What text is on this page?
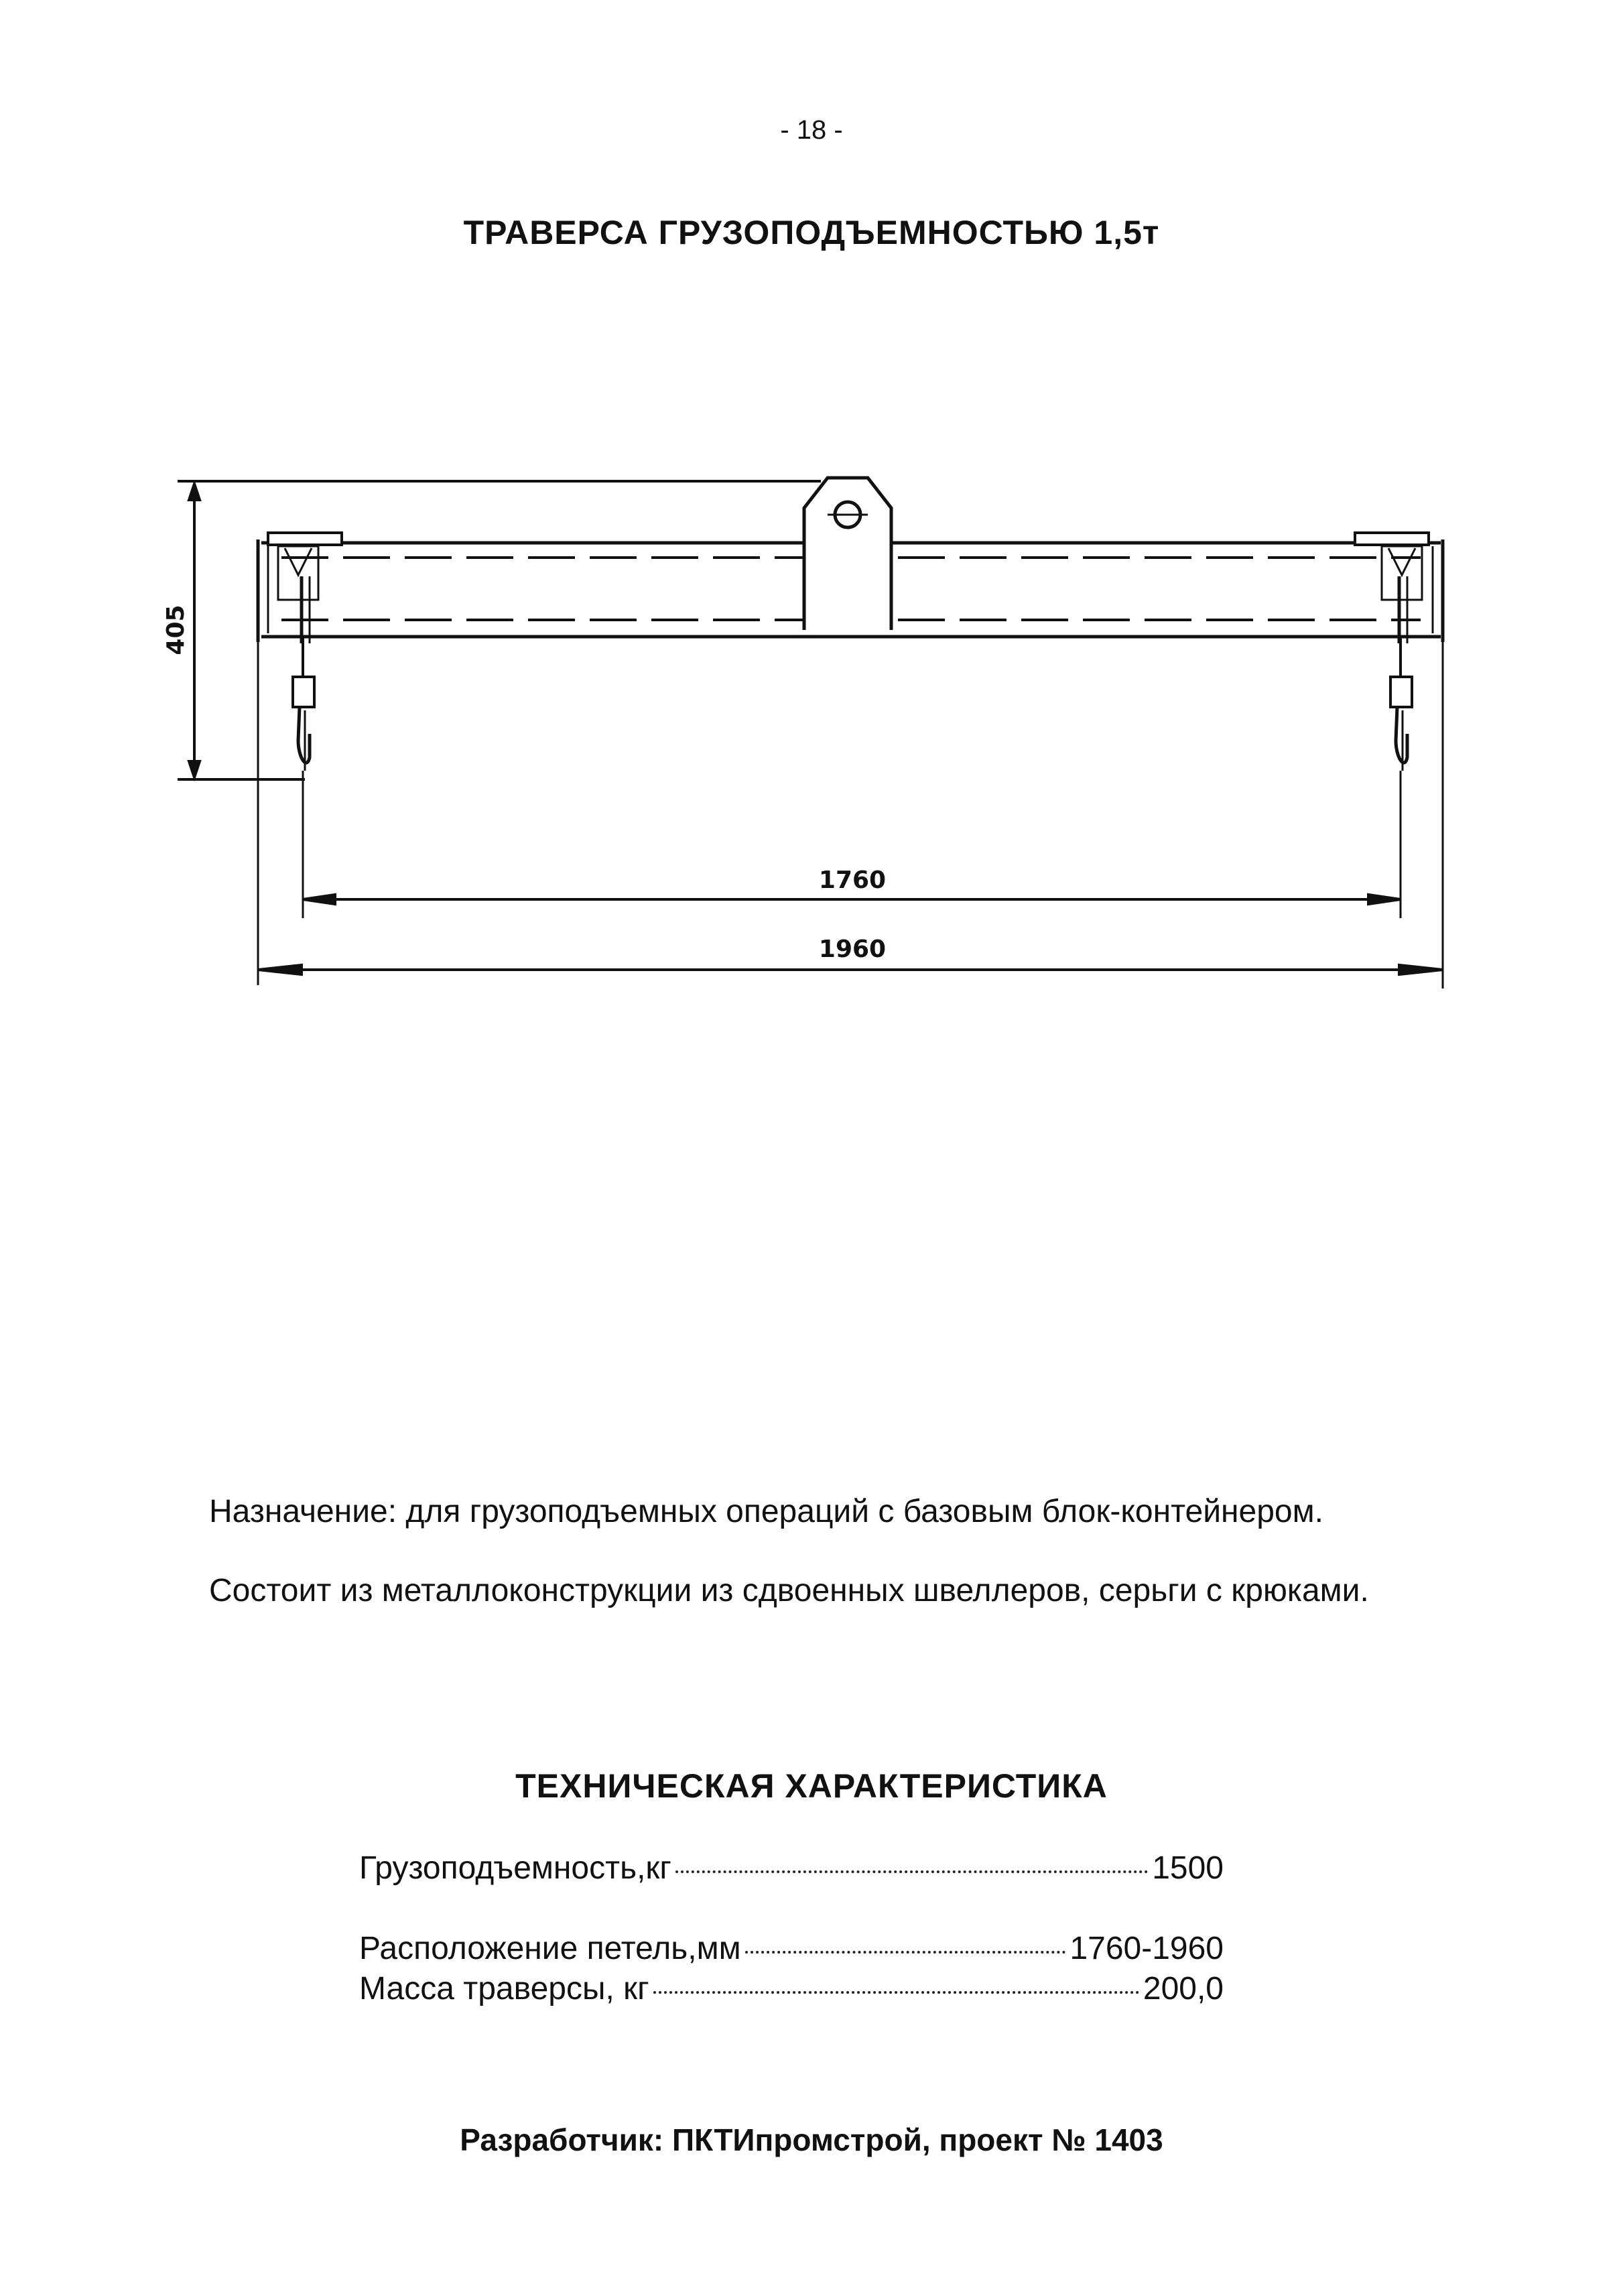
- 18 -
ТРАВЕРСА ГРУЗОПОДЪЕМНОСТЬЮ 1,5т
405
1760
1960
Назначение: для грузоподъемных операций с базовым блок-контейнером.
Состоит из металлоконструкции из сдвоенных швеллеров, серьги с крюками.
ТЕХНИЧЕСКАЯ ХАРАКТЕРИСТИКА
Грузоподъемность,кг	1500
Расположение петель,мм	1760-1960
Масса траверсы, кг	200,0
Разработчик: ПКТИпромстрой, проект № 1403
